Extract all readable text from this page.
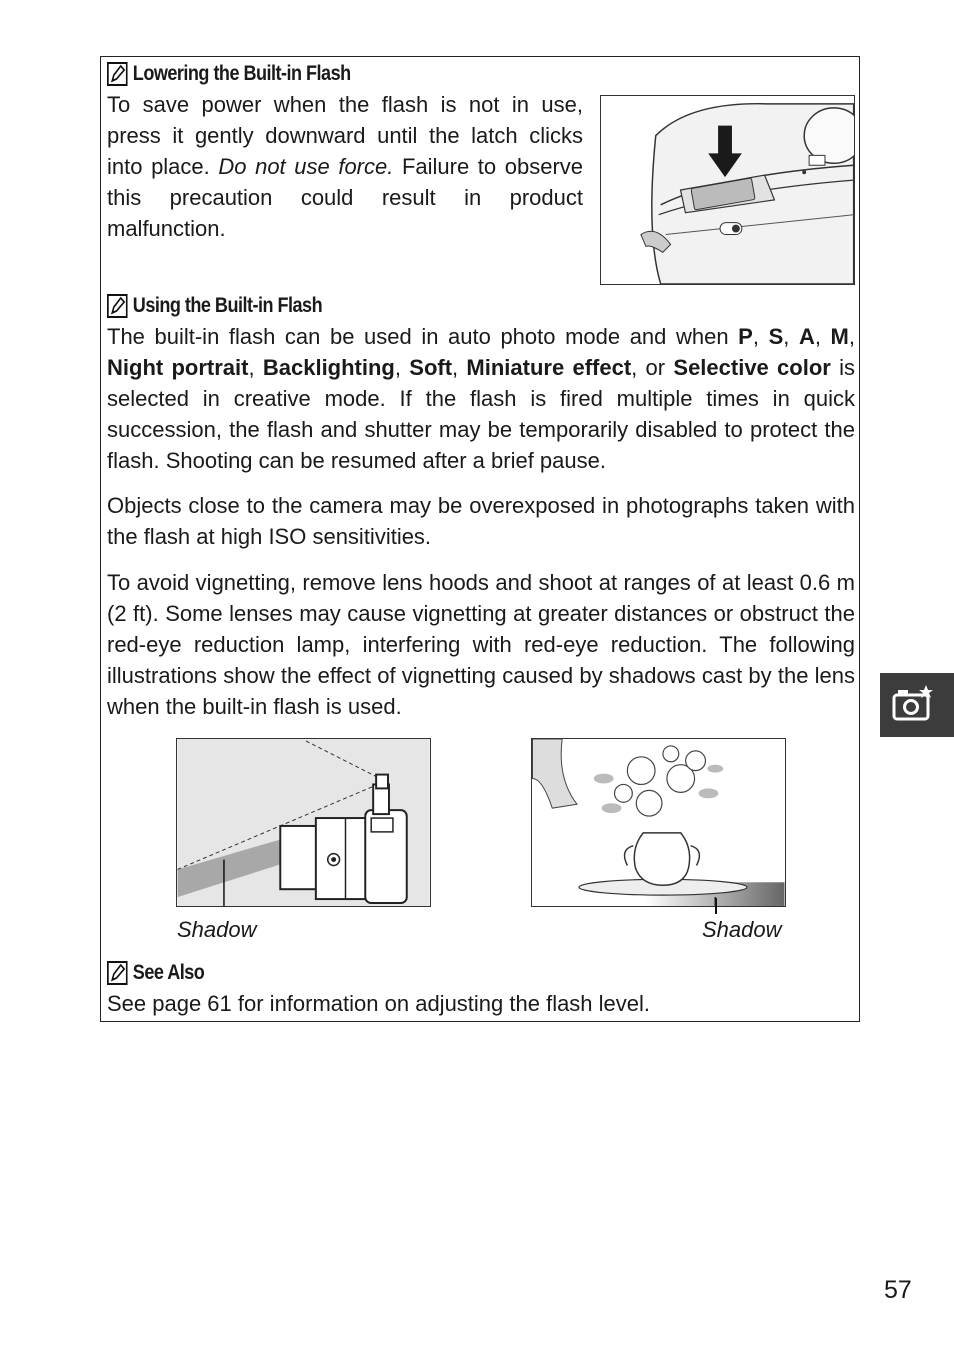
Lowering the Built-in Flash

To save power when the flash is not in use, press it gently downward until the latch clicks into place. Do not use force. Failure to observe this precaution could result in product malfunction.

Using the Built-in Flash

The built-in flash can be used in auto photo mode and when P, S, A, M, Night portrait, Backlighting, Soft, Miniature effect, or Selective color is selected in creative mode. If the flash is fired multiple times in quick succession, the flash and shutter may be temporarily disabled to protect the flash. Shooting can be resumed after a brief pause.

Objects close to the camera may be overexposed in photographs taken with the flash at high ISO sensitivities.

To avoid vignetting, remove lens hoods and shoot at ranges of at least 0.6 m (2 ft). Some lenses may cause vignetting at greater distances or obstruct the red-eye reduction lamp, interfering with red-eye reduction. The following illustrations show the effect of vignetting caused by shadows cast by the lens when the built-in flash is used.

Shadow	Shadow
See Also

See page 61 for information on adjusting the flash level.

57
